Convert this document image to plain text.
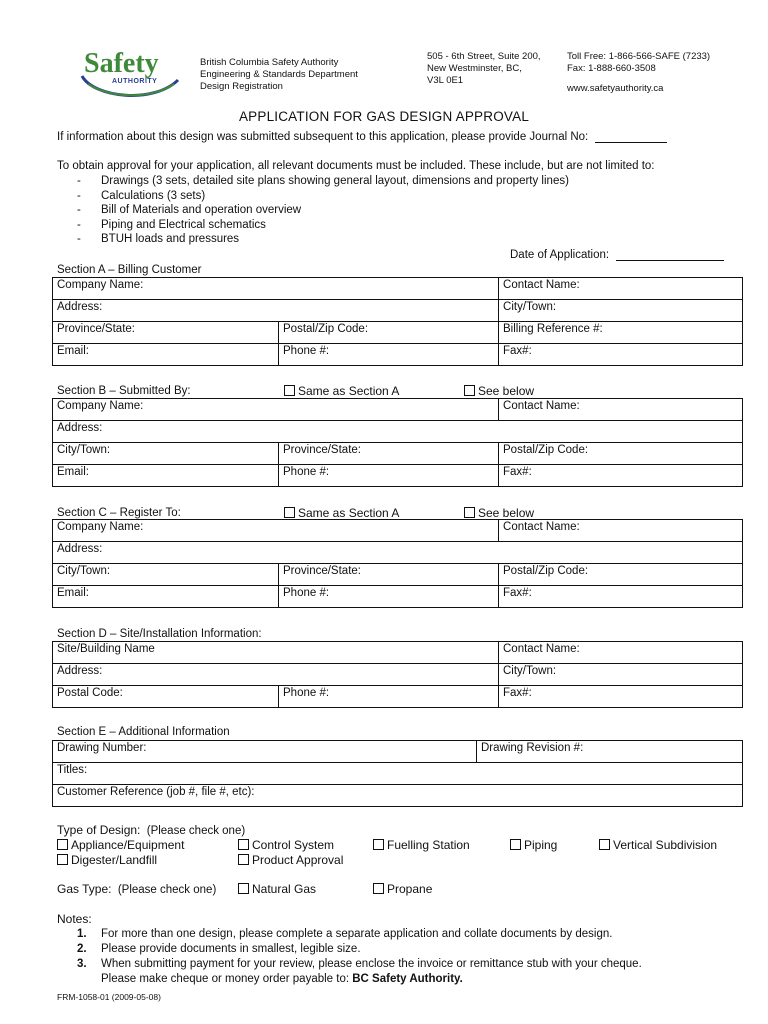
Safety
AUTHORITY
British Columbia Safety Authority
Engineering & Standards Department
Design Registration
505 - 6th Street, Suite 200,
New Westminster, BC,
V3L 0E1
Toll Free: 1-866-566-SAFE (7233)
Fax: 1-888-660-3508
www.safetyauthority.ca
APPLICATION FOR GAS DESIGN APPROVAL
If information about this design was submitted subsequent to this application, please provide Journal No:
To obtain approval for your application, all relevant documents must be included. These include, but are not limited to:
- Drawings (3 sets, detailed site plans showing general layout, dimensions and property lines)
- Calculations (3 sets)
- Bill of Materials and operation overview
- Piping and Electrical schematics
- BTUH loads and pressures
Date of Application:
Section A – Billing Customer
Company Name:		Contact Name:
Address:		City/Town:
Province/State:	Postal/Zip Code:	Billing Reference #:
Email:	Phone #:	Fax#:
Section B – Submitted By:	Same as Section A	See below
Company Name:		Contact Name:
Address:		
City/Town:	Province/State:	Postal/Zip Code:
Email:	Phone #:	Fax#:
Section C – Register To:	Same as Section A	See below
Company Name:		Contact Name:
Address:		
City/Town:	Province/State:	Postal/Zip Code:
Email:	Phone #:	Fax#:
Section D – Site/Installation Information:
Site/Building Name		Contact Name:
Address:		City/Town:
Postal Code:	Phone #:	Fax#:
Section E – Additional Information
Drawing Number:	Drawing Revision #:
Titles:
Customer Reference (job #, file #, etc):
Type of Design: (Please check one)
Appliance/Equipment	Control System	Fuelling Station	Piping	Vertical Subdivision
Digester/Landfill	Product Approval
Gas Type: (Please check one)	Natural Gas	Propane
Notes:
1. For more than one design, please complete a separate application and collate documents by design.
2. Please provide documents in smallest, legible size.
3. When submitting payment for your review, please enclose the invoice or remittance stub with your cheque.
Please make cheque or money order payable to: BC Safety Authority.
FRM-1058-01 (2009-05-08)
